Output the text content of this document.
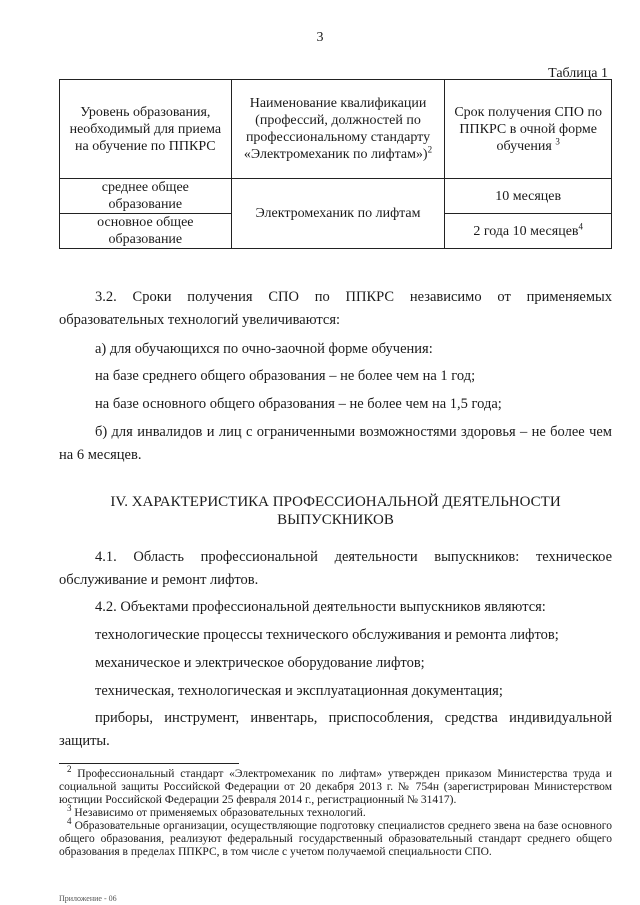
3
Таблица 1
Уровень образования, необходимый для приема на обучение по ППКРС	Наименование квалификации (профессий, должностей по профессиональному стандарту «Электромеханик по лифтам»)$^2$	Срок получения СПО по ППКРС в очной форме обучения $^3$
среднее общее образование	Электромеханик по лифтам	10 месяцев
основное общее образование		2 года 10 месяцев$^4$
3.2. Сроки получения СПО по ППКРС независимо от применяемых образовательных технологий увеличиваются:
а) для обучающихся по очно-заочной форме обучения:
на базе среднего общего образования – не более чем на 1 год;
на базе основного общего образования – не более чем на 1,5 года;
б) для инвалидов и лиц с ограниченными возможностями здоровья – не более чем на 6 месяцев.
IV. ХАРАКТЕРИСТИКА ПРОФЕССИОНАЛЬНОЙ ДЕЯТЕЛЬНОСТИ
ВЫПУСКНИКОВ
4.1. Область профессиональной деятельности выпускников: техническое обслуживание и ремонт лифтов.
4.2. Объектами профессиональной деятельности выпускников являются:
технологические процессы технического обслуживания и ремонта лифтов;
механическое и электрическое оборудование лифтов;
техническая, технологическая и эксплуатационная документация;
приборы, инструмент, инвентарь, приспособления, средства индивидуальной защиты.

$^2$ Профессиональный стандарт «Электромеханик по лифтам» утвержден приказом Министерства труда и социальной защиты Российской Федерации от 20 декабря 2013 г. № 754н (зарегистрирован Министерством юстиции Российской Федерации 25 февраля 2014 г., регистрационный № 31417).

$^3$ Независимо от применяемых образовательных технологий.

$^4$ Образовательные организации, осуществляющие подготовку специалистов среднего звена на базе основного общего образования, реализуют федеральный государственный образовательный стандарт среднего общего образования в пределах ППКРС, в том числе с учетом получаемой специальности СПО.

Приложение - 06
